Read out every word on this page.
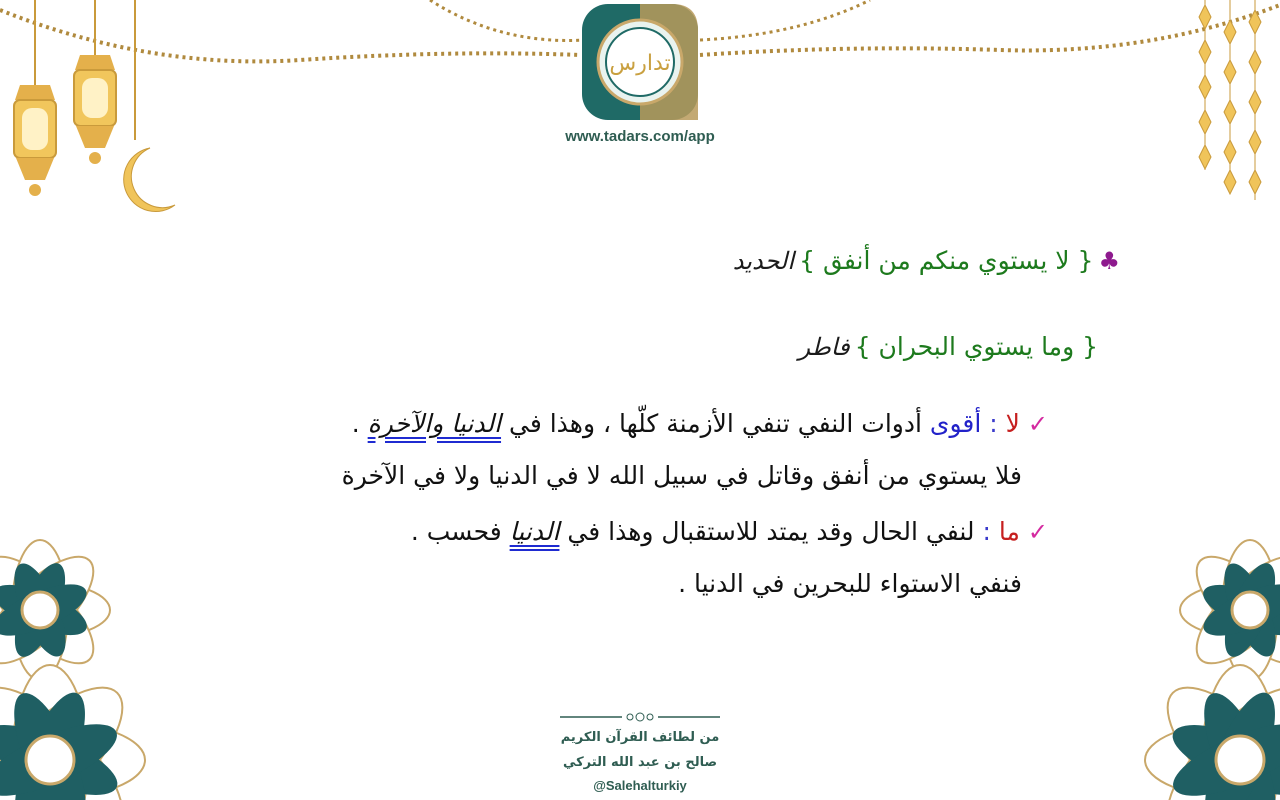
تدارس
www.tadars.com/app
♣ { لا يستوي منكم من أنفق } الحديد
{ وما يستوي البحران } فاطر
✓لا : أقوى أدوات النفي تنفي الأزمنة كلّها ، وهذا في الدنيا والآخرة .
فلا يستوي من أنفق وقاتل في سبيل الله لا في الدنيا ولا في الآخرة
✓ما : لنفي الحال وقد يمتد للاستقبال وهذا في الدنيا فحسب .
فنفي الاستواء للبحرين في الدنيا .
من لطائف القرآن الكريم
صالح بن عبد الله التركي
@Salehalturkiy
